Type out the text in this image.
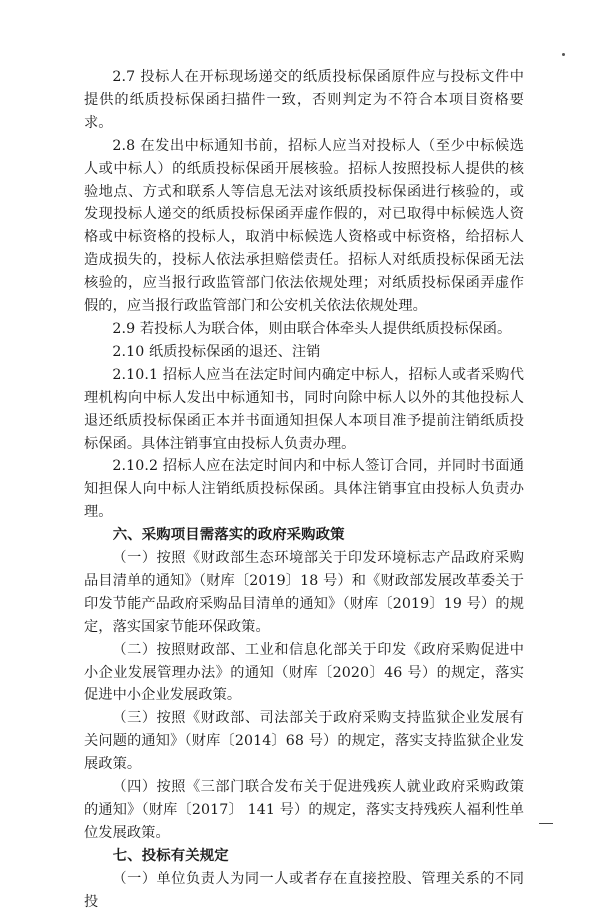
2.7 投标人在开标现场递交的纸质投标保函原件应与投标文件中提供的纸质投标保函扫描件一致，否则判定为不符合本项目资格要求。

2.8 在发出中标通知书前，招标人应当对投标人（至少中标候选人或中标人）的纸质投标保函开展核验。招标人按照投标人提供的核验地点、方式和联系人等信息无法对该纸质投标保函进行核验的，或发现投标人递交的纸质投标保函弄虚作假的，对已取得中标候选人资格或中标资格的投标人，取消中标候选人资格或中标资格，给招标人造成损失的，投标人依法承担赔偿责任。招标人对纸质投标保函无法核验的，应当报行政监管部门依法依规处理；对纸质投标保函弄虚作假的，应当报行政监管部门和公安机关依法依规处理。

2.9 若投标人为联合体，则由联合体牵头人提供纸质投标保函。

2.10 纸质投标保函的退还、注销

2.10.1 招标人应当在法定时间内确定中标人，招标人或者采购代理机构向中标人发出中标通知书，同时向除中标人以外的其他投标人退还纸质投标保函正本并书面通知担保人本项目准予提前注销纸质投标保函。具体注销事宜由投标人负责办理。

2.10.2 招标人应在法定时间内和中标人签订合同，并同时书面通知担保人向中标人注销纸质投标保函。具体注销事宜由投标人负责办理。

六、采购项目需落实的政府采购政策

（一）按照《财政部生态环境部关于印发环境标志产品政府采购品目清单的通知》（财库〔2019〕18 号）和《财政部发展改革委关于印发节能产品政府采购品目清单的通知》（财库〔2019〕19 号）的规定，落实国家节能环保政策。

（二）按照财政部、工业和信息化部关于印发《政府采购促进中小企业发展管理办法》的通知（财库〔2020〕46 号）的规定，落实促进中小企业发展政策。

（三）按照《财政部、司法部关于政府采购支持监狱企业发展有关问题的通知》（财库〔2014〕68 号）的规定，落实支持监狱企业发展政策。

（四）按照《三部门联合发布关于促进残疾人就业政府采购政策的通知》（财库〔2017〕 141 号）的规定，落实支持残疾人福利性单位发展政策。

七、投标有关规定

（一）单位负责人为同一人或者存在直接控股、管理关系的不同投
